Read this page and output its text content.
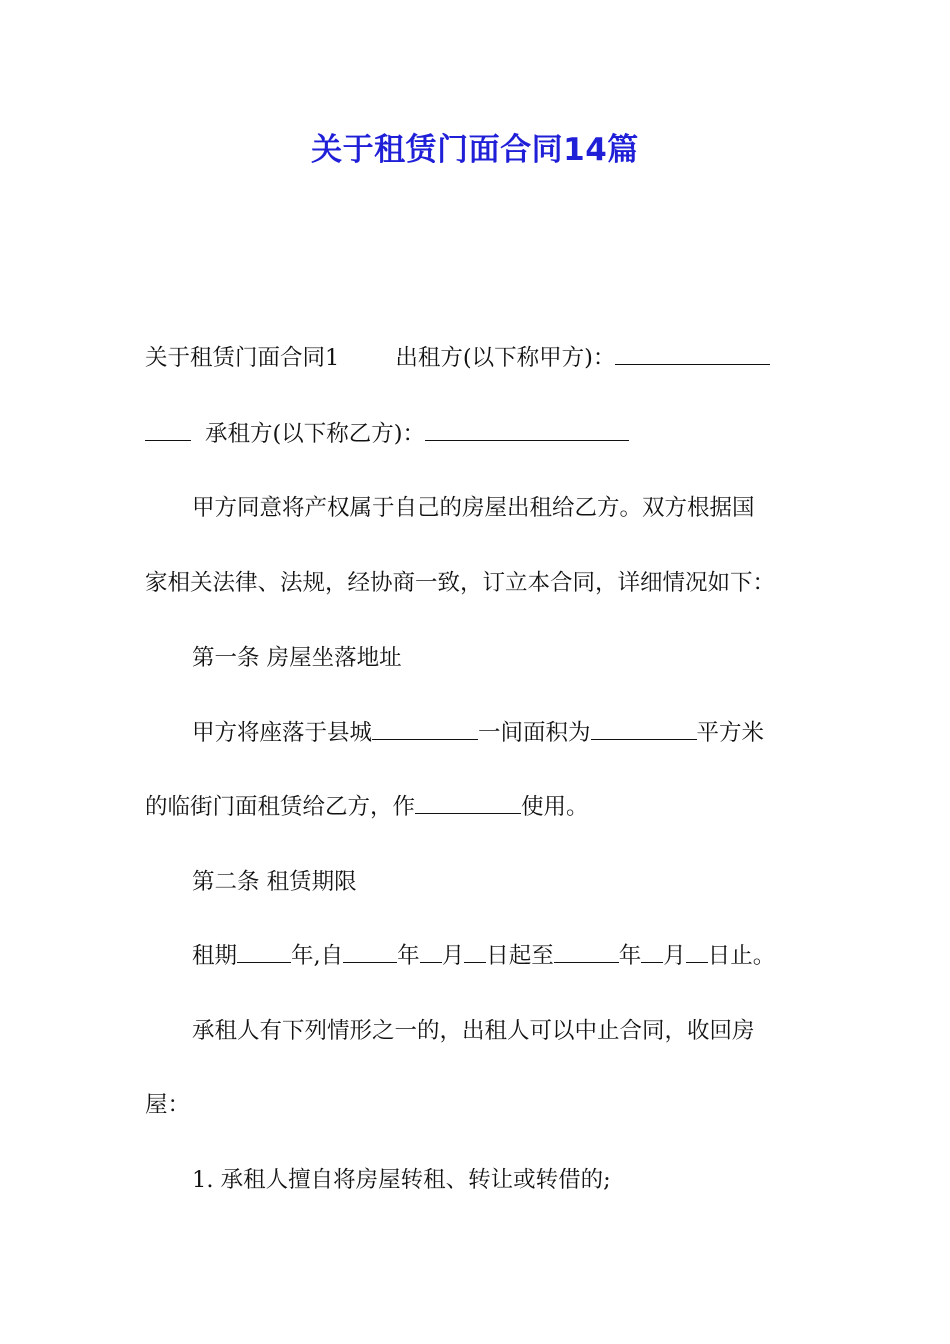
关于租赁门面合同14篇
关于租赁门面合同1 出租方(以下称甲方)：
承租方(以下称乙方)：
甲方同意将产权属于自己的房屋出租给乙方。双方根据国
家相关法律、法规，经协商一致，订立本合同，详细情况如下：
第一条 房屋坐落地址
甲方将座落于县城	一间面积为	平方米
的临街门面租赁给乙方，作	使用。
第二条 租赁期限
租期 年,自 年 月 日起至	年 月 日止。
承租人有下列情形之一的，出租人可以中止合同，收回房
屋：
1. 承租人擅自将房屋转租、转让或转借的;
